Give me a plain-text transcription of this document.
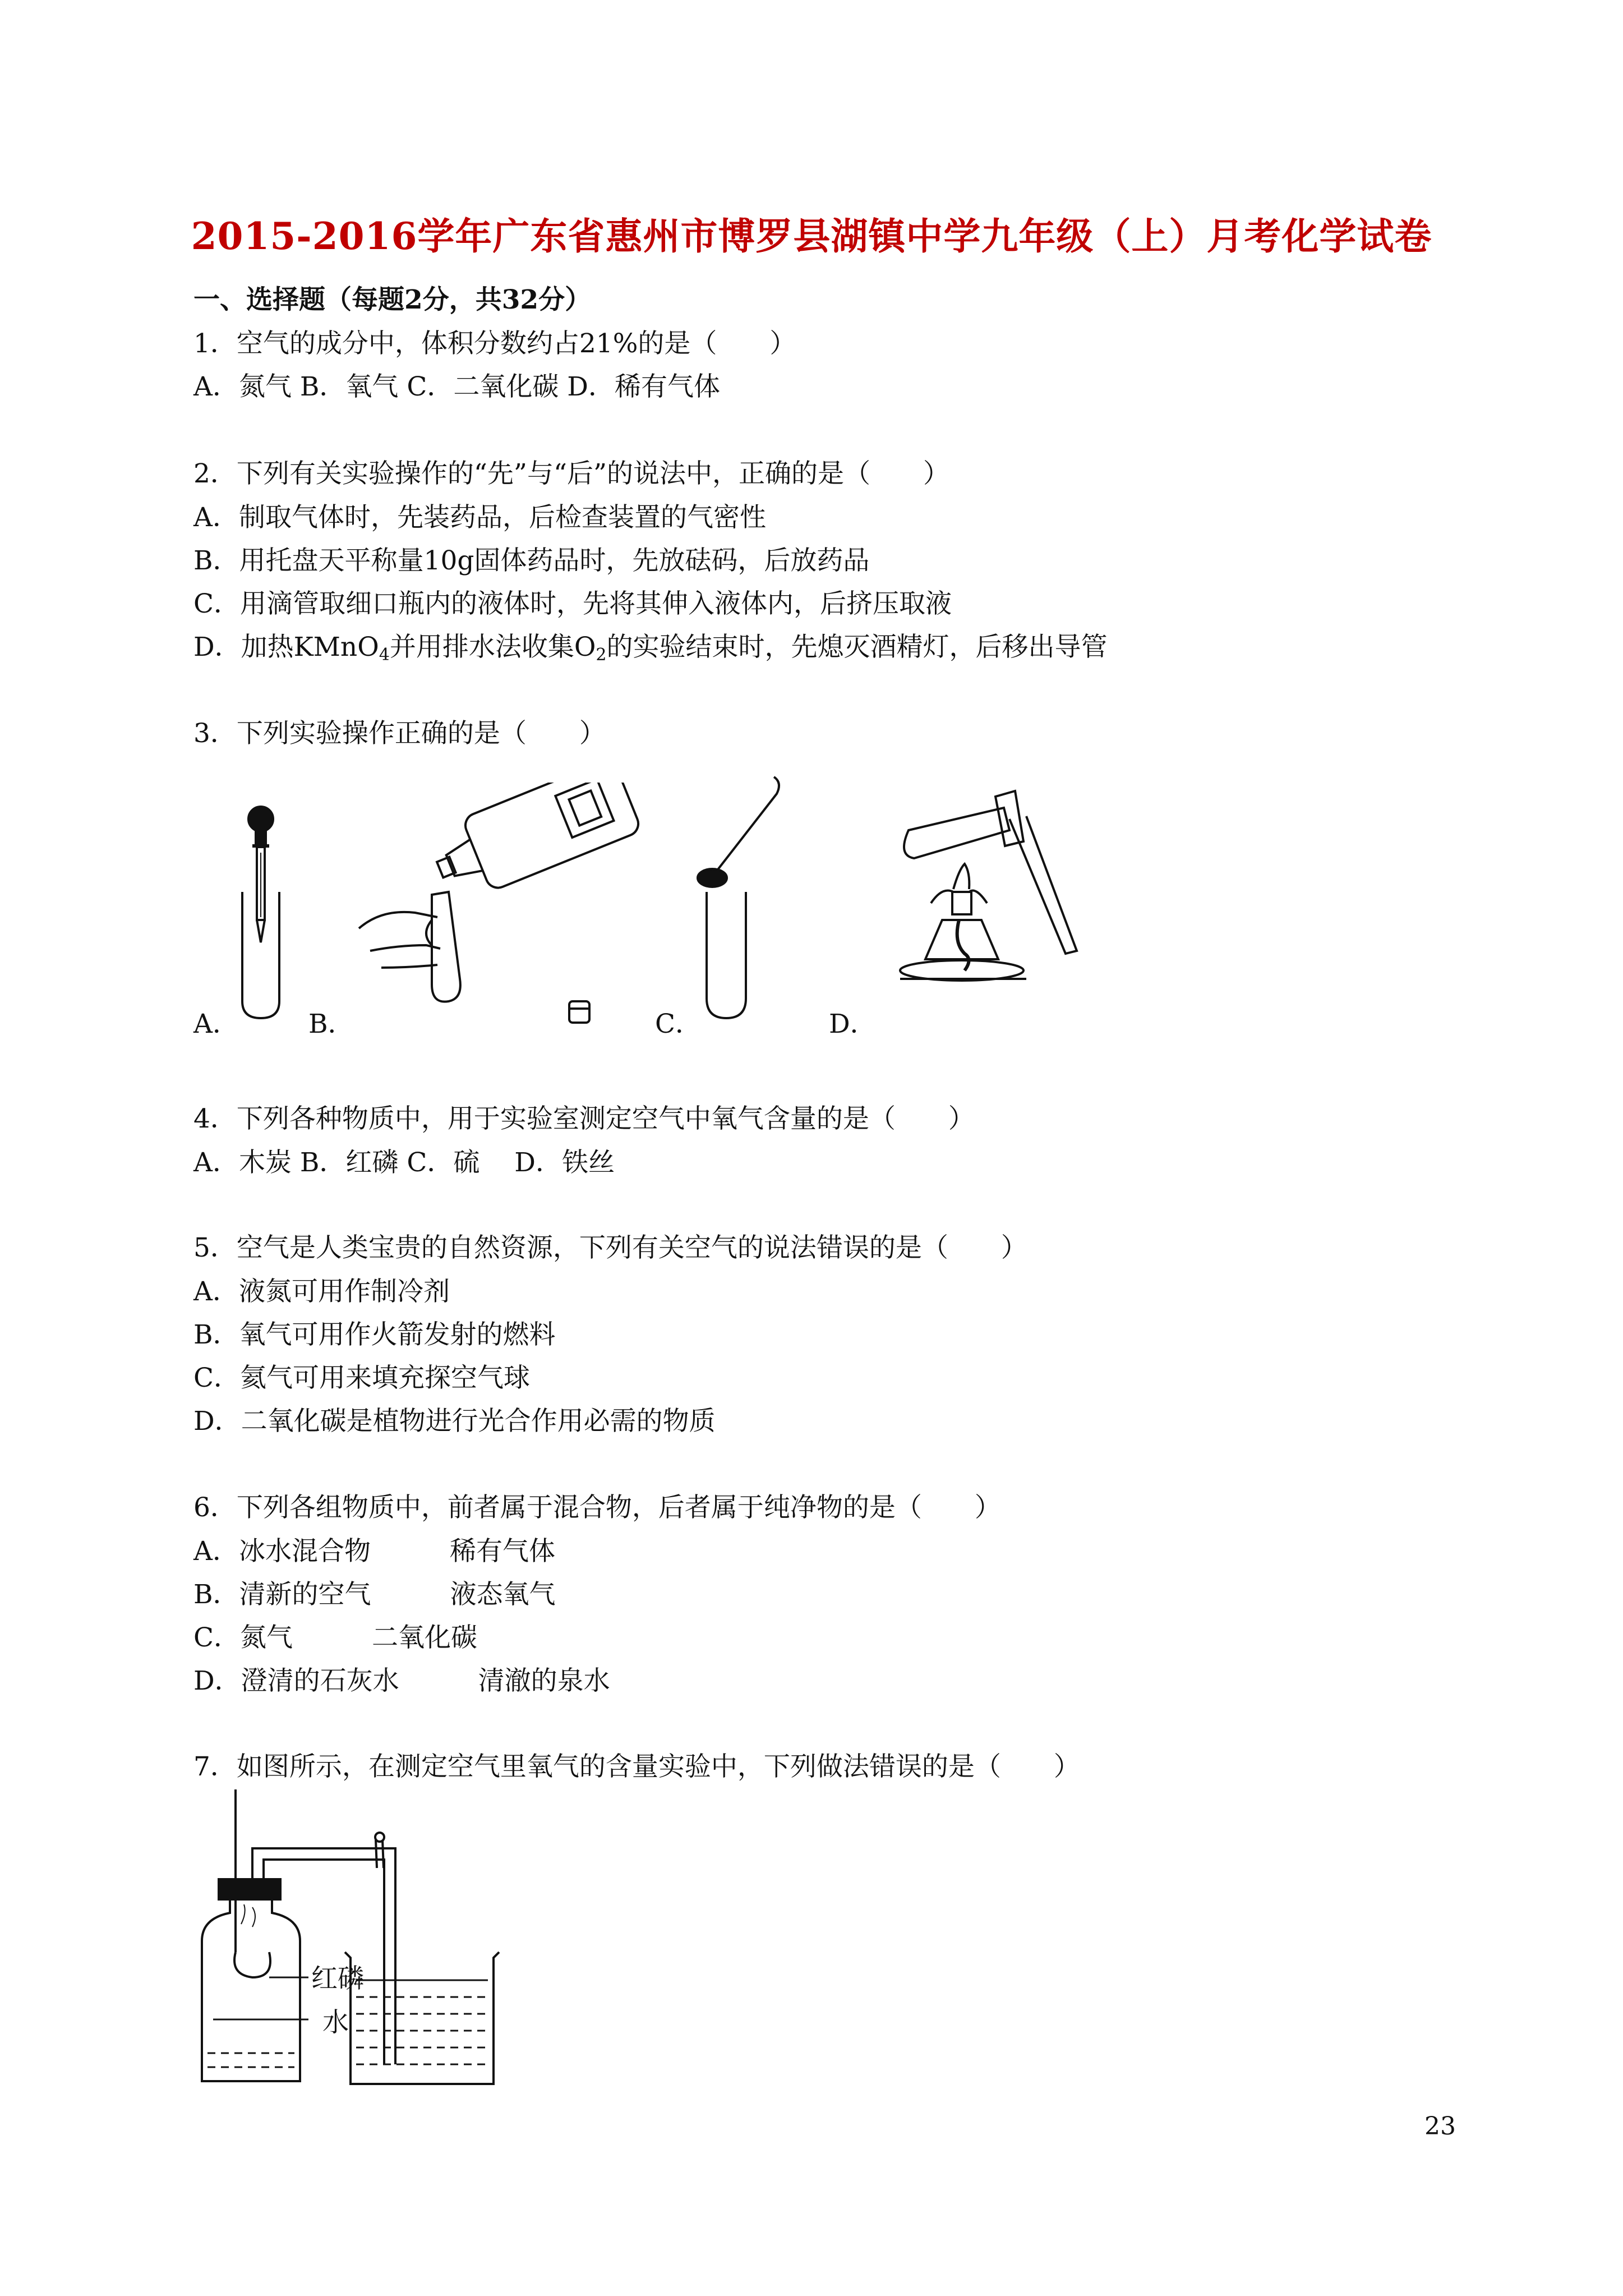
2015-2016学年广东省惠州市博罗县湖镇中学九年级（上）月考化学试卷
一、选择题（每题2分，共32分）
1．空气的成分中，体积分数约占21%的是（　　）
A．氮气 B．氧气 C．二氧化碳 D．稀有气体
2．下列有关实验操作的“先”与“后”的说法中，正确的是（　　）
A．制取气体时，先装药品，后检查装置的气密性
B．用托盘天平称量10g固体药品时，先放砝码，后放药品
C．用滴管取细口瓶内的液体时，先将其伸入液体内，后挤压取液
D．加热KMnO$_4$并用排水法收集$O_2$的实验结束时，先熄灭酒精灯，后移出导管
3．下列实验操作正确的是（　　）
A．	B．	C．	D．
4．下列各种物质中，用于实验室测定空气中氧气含量的是（　　）
A．木炭 B．红磷 C．硫　 D．铁丝
5．空气是人类宝贵的自然资源，下列有关空气的说法错误的是（　　）
A．液氮可用作制冷剂
B．氧气可用作火箭发射的燃料
C．氦气可用来填充探空气球
D．二氧化碳是植物进行光合作用必需的物质
6．下列各组物质中，前者属于混合物，后者属于纯净物的是（　　）
A．冰水混合物　　　稀有气体
B．清新的空气　　　液态氧气
C．氮气　　　二氧化碳
D．澄清的石灰水　　　清澈的泉水
7．如图所示，在测定空气里氧气的含量实验中，下列做法错误的是（　　）
红磷
水
23
